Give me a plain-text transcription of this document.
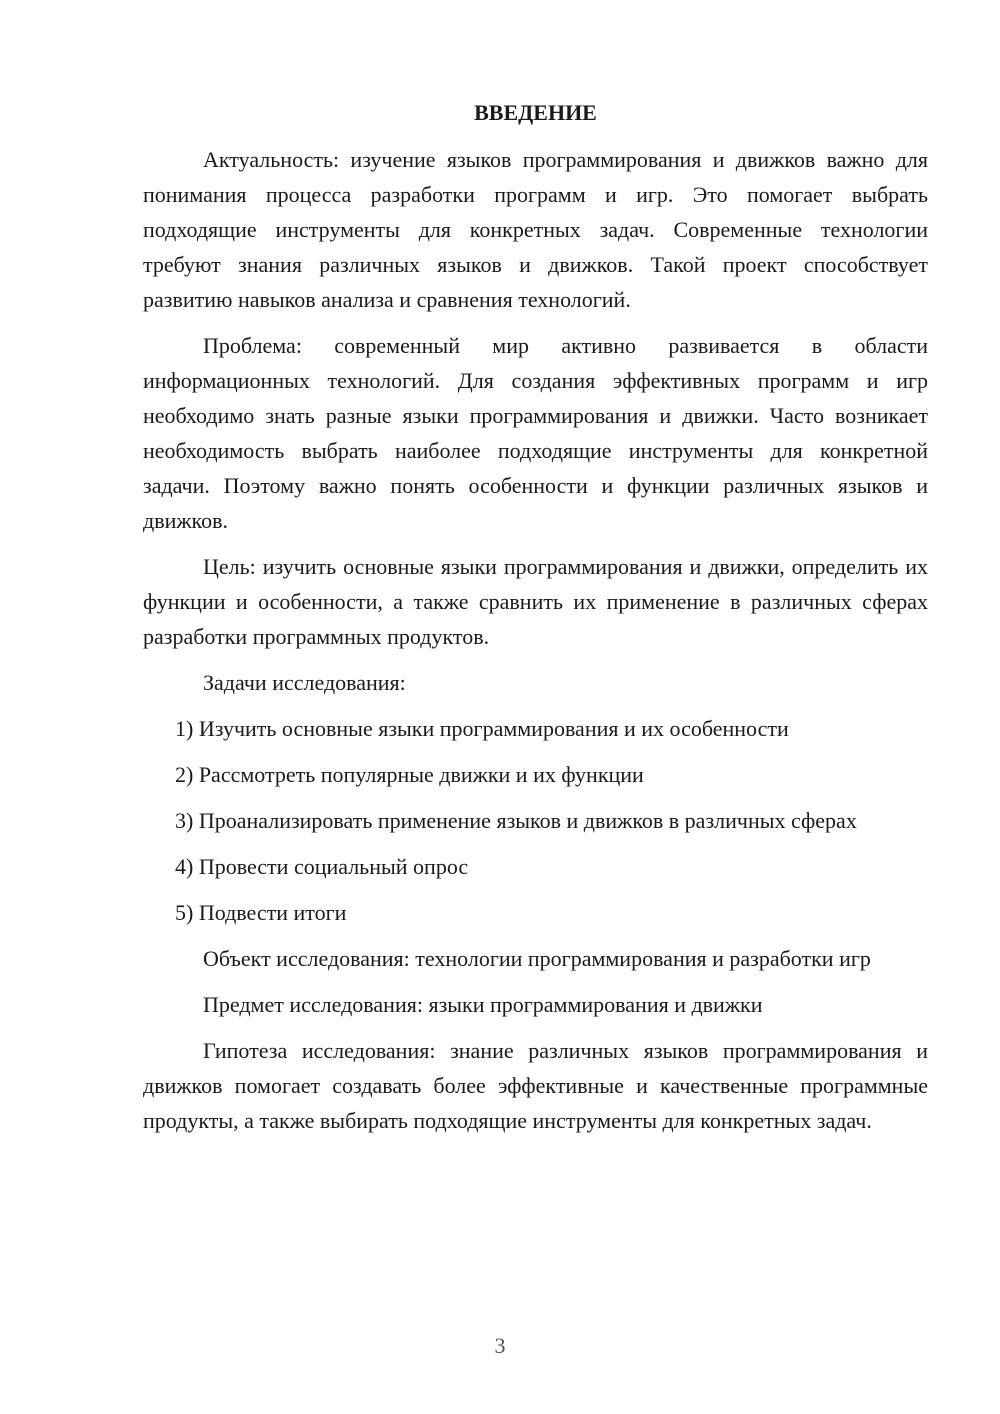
ВВЕДЕНИЕ

Актуальность: изучение языков программирования и движков важно для понимания процесса разработки программ и игр. Это помогает выбрать подходящие инструменты для конкретных задач. Современные технологии требуют знания различных языков и движков. Такой проект способствует развитию навыков анализа и сравнения технологий.

Проблема: современный мир активно развивается в области информационных технологий. Для создания эффективных программ и игр необходимо знать разные языки программирования и движки. Часто возникает необходимость выбрать наиболее подходящие инструменты для конкретной задачи. Поэтому важно понять особенности и функции различных языков и движков.

Цель: изучить основные языки программирования и движки, определить их функции и особенности, а также сравнить их применение в различных сферах разработки программных продуктов.

Задачи исследования:

1) Изучить основные языки программирования и их особенности

2) Рассмотреть популярные движки и их функции

3) Проанализировать применение языков и движков в различных сферах

4) Провести социальный опрос

5) Подвести итоги

Объект исследования: технологии программирования и разработки игр

Предмет исследования: языки программирования и движки

Гипотеза исследования: знание различных языков программирования и движков помогает создавать более эффективные и качественные программные продукты, а также выбирать подходящие инструменты для конкретных задач.

3
